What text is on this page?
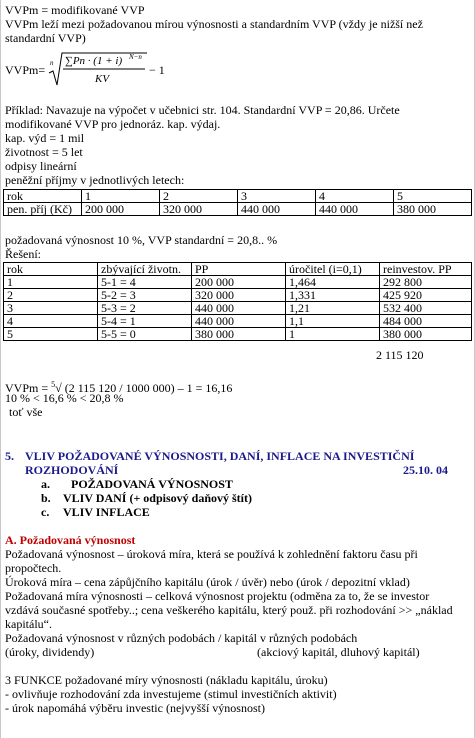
VVPm = modifikované VVP
VVPm leží mezi požadovanou mírou výnosnosti a standardním VVP (vždy je nižší než
standardní VVP)
VVPm= n ∑Pn · (1 + i) N−n
KV
− 1
Příklad: Navazuje na výpočet v učebnici str. 104. Standardní VVP = 20,86. Určete
modifikované VVP pro jednoráz. kap. výdaj.
kap. výd = 1 mil
životnost = 5 let
odpisy lineární
peněžní příjmy v jednotlivých letech:
rok	1	2	3	4	5
pen. příj (Kč)	200 000	320 000	440 000	440 000	380 000
požadovaná výnosnost 10 %, VVP standardní = 20,8.. %
Řešení:
rok	zbývající životn.	PP	úročitel (i=0,1)	reinvestov. PP
1	5-1 = 4	200 000	1,464	292 800
2	5-2 = 3	320 000	1,331	425 920
3	5-3 = 2	440 000	1,21	532 400
4	5-4 = 1	440 000	1,1	484 000
5	5-5 = 0	380 000	1	380 000
2 115 120
VVPm = $^5$√ (2 115 120 / 1000 000) – 1 = 16,16
10 % < 16,6 % < 20,8 %
toť vše
5. VLIV POŽADOVANÉ VÝNOSNOSTI, DANÍ, INFLACE NA INVESTIČNÍ
ROZHODOVÁNÍ	25.10. 04
a. POŽADOVANÁ VÝNOSNOST
b. VLIV DANÍ (+ odpisový daňový štít)
c. VLIV INFLACE
A. Požadovaná výnosnost
Požadovaná výnosnost – úroková míra, která se používá k zohlednění faktoru času při
propočtech.
Úroková míra – cena zápůjčního kapitálu (úrok / úvěr) nebo (úrok / depozitní vklad)
Požadovaná míra výnosnosti – celková výnosnost projektu (odměna za to, že se investor
vzdává současné spotřeby..; cena veškerého kapitálu, který použ. při rozhodování >> „náklad
kapitálu“.
Požadovaná výnosnost v různých podobách / kapitál v různých podobách
(úroky, dividendy)	(akciový kapitál, dluhový kapitál)
3 FUNKCE požadované míry výnosnosti (nákladu kapitálu, úroku)
- ovlivňuje rozhodování zda investujeme (stimul investičních aktivit)
- úrok napomáhá výběru investic (nejvyšší výnosnost)
